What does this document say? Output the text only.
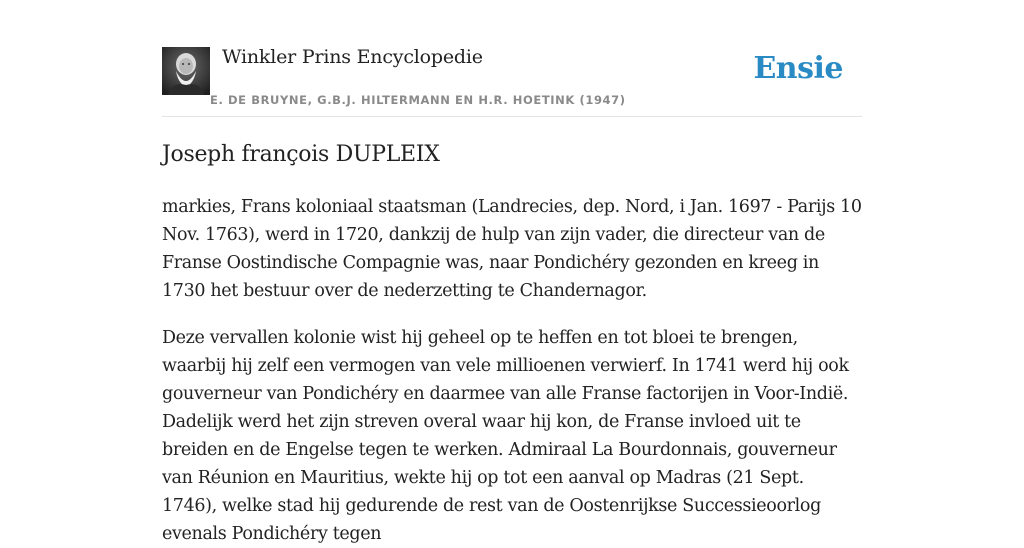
Winkler Prins Encyclopedie
E. DE BRUYNE, G.B.J. HILTERMANN EN H.R. HOETINK (1947)
Ensie
Joseph françois DUPLEIX

markies, Frans koloniaal staatsman (Landrecies, dep. Nord, i Jan. 1697 - Parijs 10 Nov. 1763), werd in 1720, dankzij de hulp van zijn vader, die directeur van de Franse Oostindische Compagnie was, naar Pondichéry gezonden en kreeg in 1730 het bestuur over de nederzetting te Chandernagor.

Deze vervallen kolonie wist hij geheel op te heffen en tot bloei te brengen, waarbij hij zelf een vermogen van vele millioenen verwierf. In 1741 werd hij ook gouverneur van Pondichéry en daarmee van alle Franse factorijen in Voor-Indië. Dadelijk werd het zijn streven overal waar hij kon, de Franse invloed uit te breiden en de Engelse tegen te werken. Admiraal La Bourdonnais, gouverneur van Réunion en Mauritius, wekte hij op tot een aanval op Madras (21 Sept. 1746), welke stad hij gedurende de rest van de Oostenrijkse Successieoorlog evenals Pondichéry tegen
